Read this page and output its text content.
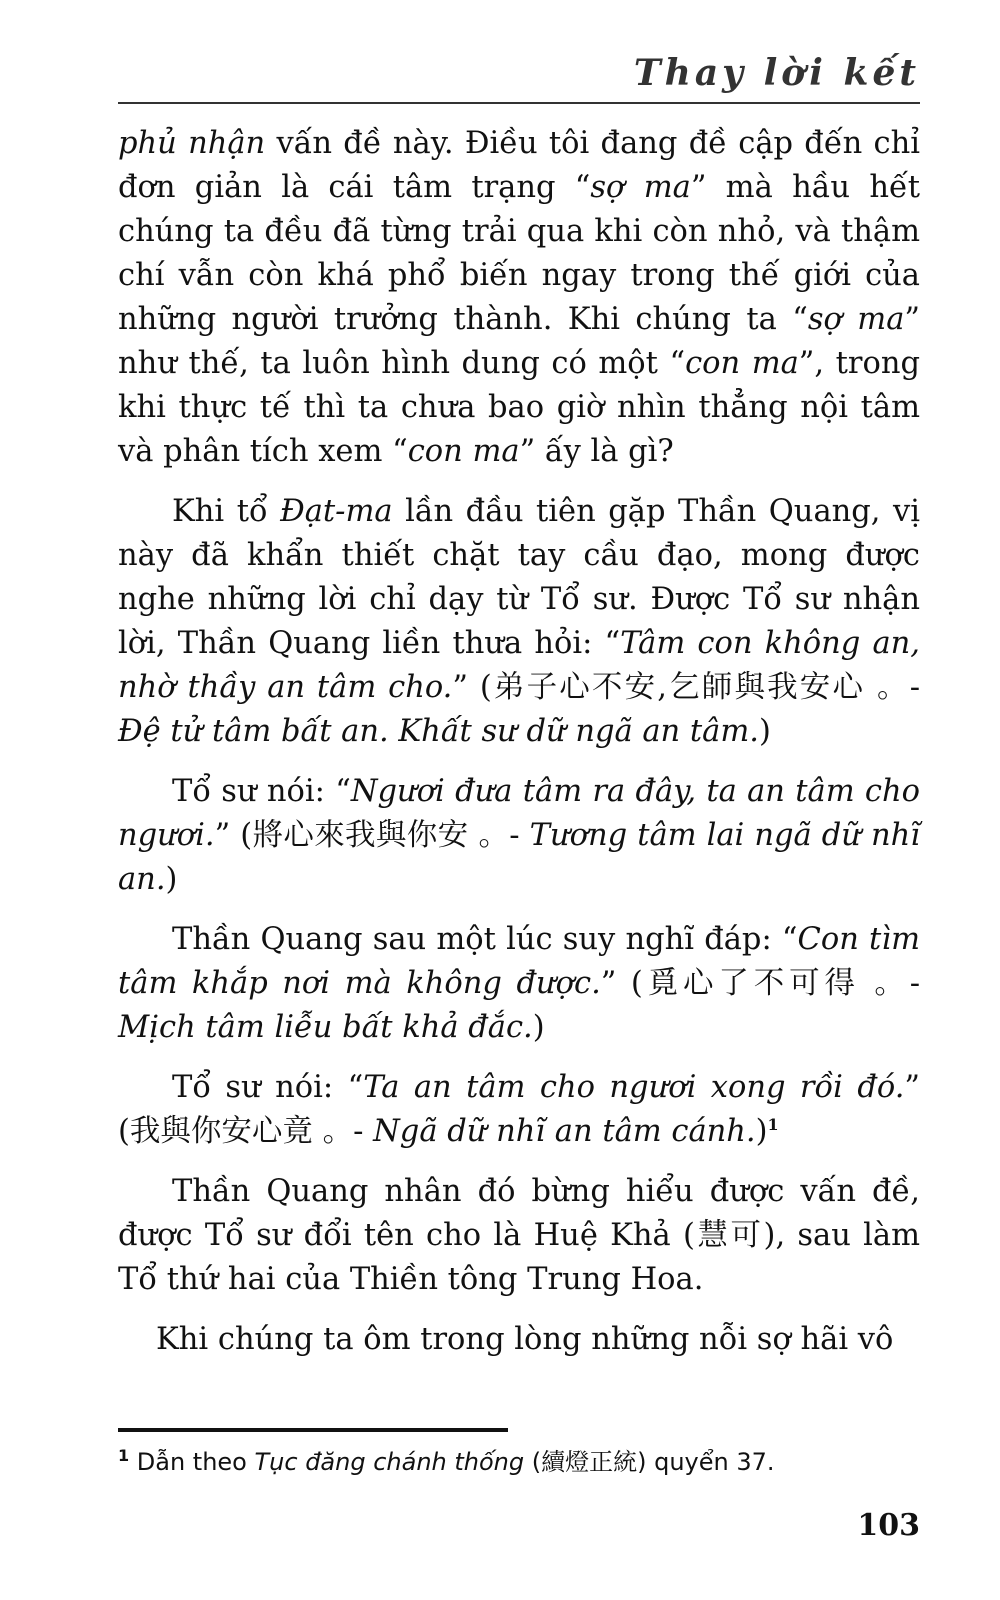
Thay lời kết

phủ nhận vấn đề này. Điều tôi đang đề cập đến chỉ đơn giản là cái tâm trạng “sợ ma” mà hầu hết chúng ta đều đã từng trải qua khi còn nhỏ, và thậm chí vẫn còn khá phổ biến ngay trong thế giới của những người trưởng thành. Khi chúng ta “sợ ma” như thế, ta luôn hình dung có một “con ma”, trong khi thực tế thì ta chưa bao giờ nhìn thẳng nội tâm và phân tích xem “con ma” ấy là gì?

Khi tổ Đạt-ma lần đầu tiên gặp Thần Quang, vị này đã khẩn thiết chặt tay cầu đạo, mong được nghe những lời chỉ dạy từ Tổ sư. Được Tổ sư nhận lời, Thần Quang liền thưa hỏi: “Tâm con không an, nhờ thầy an tâm cho.” (弟子心不安,乞師與我安心 。- Đệ tử tâm bất an. Khất sư dữ ngã an tâm.)

Tổ sư nói: “Ngươi đưa tâm ra đây, ta an tâm cho ngươi.” (將心來我與你安 。- Tương tâm lai ngã dữ nhĩ an.)

Thần Quang sau một lúc suy nghĩ đáp: “Con tìm tâm khắp nơi mà không được.” (覓心了不可得 。- Mịch tâm liễu bất khả đắc.)

Tổ sư nói: “Ta an tâm cho ngươi xong rồi đó.” (我與你安心竟 。- Ngã dữ nhĩ an tâm cánh.)$^1$

Thần Quang nhân đó bừng hiểu được vấn đề, được Tổ sư đổi tên cho là Huệ Khả (慧可), sau làm Tổ thứ hai của Thiền tông Trung Hoa.

Khi chúng ta ôm trong lòng những nỗi sợ hãi vô

$^1$ Dẫn theo Tục đăng chánh thống (續燈正統) quyển 37.
103
